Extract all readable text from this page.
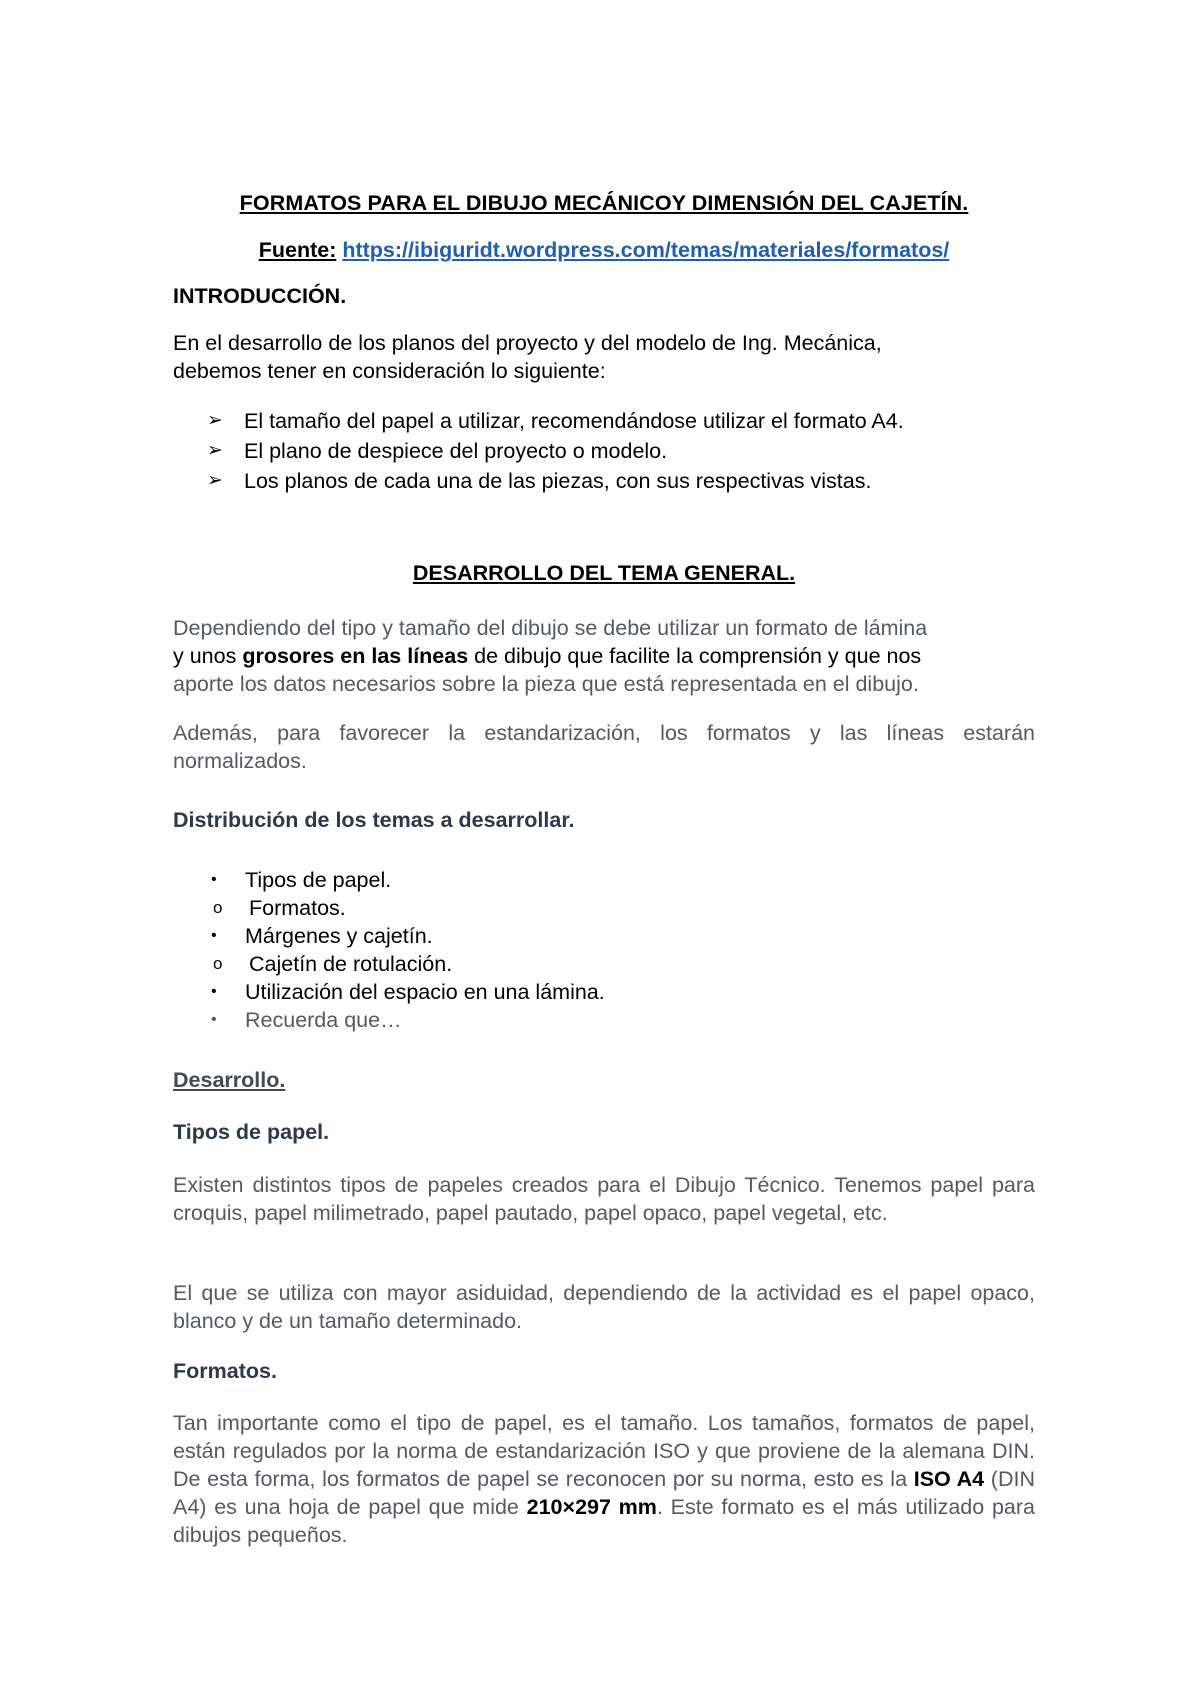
FORMATOS PARA EL DIBUJO MECÁNICOY DIMENSIÓN DEL CAJETÍN.
Fuente: https://ibiguridt.wordpress.com/temas/materiales/formatos/
INTRODUCCIÓN.
En el desarrollo de los planos del proyecto y del modelo de Ing. Mecánica,
debemos tener en consideración lo siguiente:
➢ El tamaño del papel a utilizar, recomendándose utilizar el formato A4.
➢ El plano de despiece del proyecto o modelo.
➢ Los planos de cada una de las piezas, con sus respectivas vistas.
DESARROLLO DEL TEMA GENERAL.
Dependiendo del tipo y tamaño del dibujo se debe utilizar un formato de lámina
y unos grosores en las líneas de dibujo que facilite la comprensión y que nos
aporte los datos necesarios sobre la pieza que está representada en el dibujo.
Además, para favorecer la estandarización, los formatos y las líneas estarán normalizados.
Distribución de los temas a desarrollar.
•	Tipos de papel.
o	Formatos.
•	Márgenes y cajetín.
o	Cajetín de rotulación.
•	Utilización del espacio en una lámina.
•	Recuerda que…
Desarrollo.
Tipos de papel.
Existen distintos tipos de papeles creados para el Dibujo Técnico. Tenemos papel para croquis, papel milimetrado, papel pautado, papel opaco, papel vegetal, etc.
El que se utiliza con mayor asiduidad, dependiendo de la actividad es el papel opaco, blanco y de un tamaño determinado.
Formatos.
Tan importante como el tipo de papel, es el tamaño. Los tamaños, formatos de papel, están regulados por la norma de estandarización ISO y que proviene de la alemana DIN. De esta forma, los formatos de papel se reconocen por su norma, esto es la ISO A4 (DIN A4) es una hoja de papel que mide 210×297 mm. Este formato es el más utilizado para dibujos pequeños.
